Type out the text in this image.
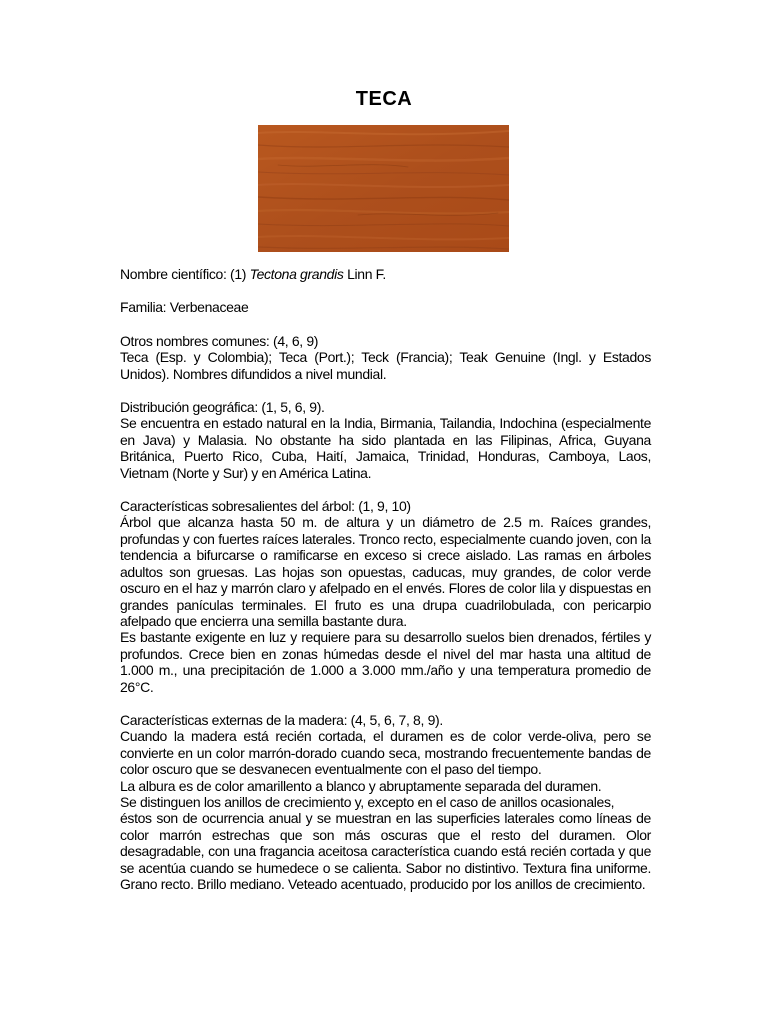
TECA

Nombre científico: (1) Tectona grandis Linn F.

Familia: Verbenaceae

Otros nombres comunes: (4, 6, 9)
Teca (Esp. y Colombia); Teca (Port.); Teck (Francia); Teak Genuine (Ingl. y Estados Unidos). Nombres difundidos a nivel mundial.

Distribución geográfica: (1, 5, 6, 9).
Se encuentra en estado natural en la India, Birmania, Tailandia, Indochina (especialmente en Java) y Malasia. No obstante ha sido plantada en las Filipinas, Africa, Guyana Británica, Puerto Rico, Cuba, Haití, Jamaica, Trinidad, Honduras, Camboya, Laos, Vietnam (Norte y Sur) y en América Latina.

Características sobresalientes del árbol: (1, 9, 10)
Árbol que alcanza hasta 50 m. de altura y un diámetro de 2.5 m. Raíces grandes, profundas y con fuertes raíces laterales. Tronco recto, especialmente cuando joven, con la tendencia a bifurcarse o ramificarse en exceso si crece aislado. Las ramas en árboles adultos son gruesas. Las hojas son opuestas, caducas, muy grandes, de color verde oscuro en el haz y marrón claro y afelpado en el envés. Flores de color lila y dispuestas en grandes panículas terminales. El fruto es una drupa cuadrilobulada, con pericarpio afelpado que encierra una semilla bastante dura.
Es bastante exigente en luz y requiere para su desarrollo suelos bien drenados, fértiles y profundos. Crece bien en zonas húmedas desde el nivel del mar hasta una altitud de 1.000 m., una precipitación de 1.000 a 3.000 mm./año y una temperatura promedio de 26°C.

Características externas de la madera: (4, 5, 6, 7, 8, 9).
Cuando la madera está recién cortada, el duramen es de color verde-oliva, pero se convierte en un color marrón-dorado cuando seca, mostrando frecuentemente bandas de color oscuro que se desvanecen eventualmente con el paso del tiempo.
La albura es de color amarillento a blanco y abruptamente separada del duramen.
Se distinguen los anillos de crecimiento y, excepto en el caso de anillos ocasionales,
éstos son de ocurrencia anual y se muestran en las superficies laterales como líneas de color marrón estrechas que son más oscuras que el resto del duramen. Olor desagradable, con una fragancia aceitosa característica cuando está recién cortada y que se acentúa cuando se humedece o se calienta. Sabor no distintivo. Textura fina uniforme. Grano recto. Brillo mediano. Veteado acentuado, producido por los anillos de crecimiento.
